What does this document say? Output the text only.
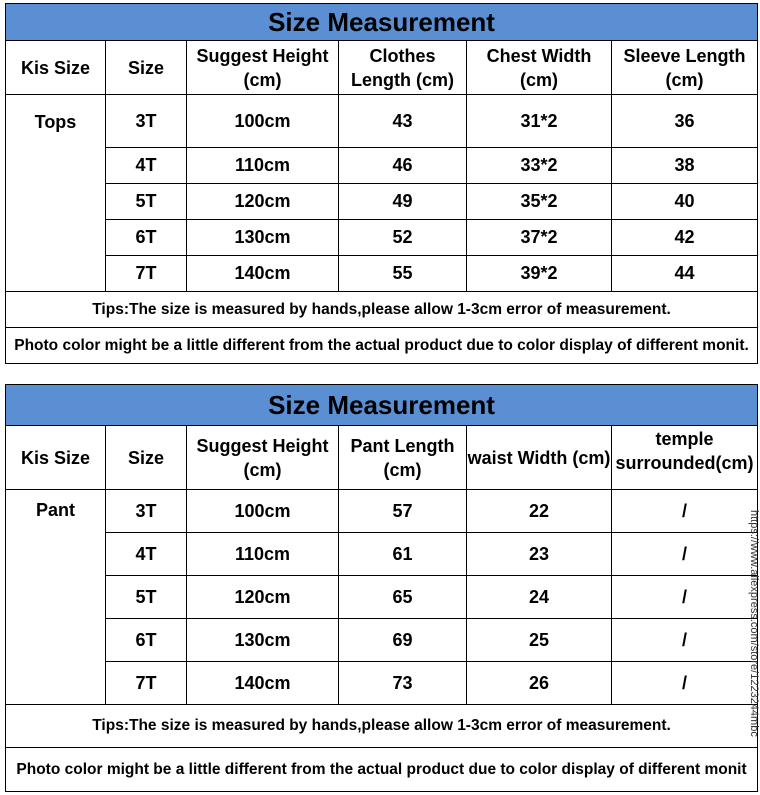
Size Measurement					
Kis Size	Size	Suggest Height (cm)	Clothes Length (cm)	Chest Width (cm)	Sleeve Length (cm)
Tops	3T	100cm	43	31*2	36
	4T	110cm	46	33*2	38
	5T	120cm	49	35*2	40
	6T	130cm	52	37*2	42
	7T	140cm	55	39*2	44
Tips:The size is measured by hands,please allow 1-3cm error of measurement.					
Photo color might be a little different from the actual product due to color display of different monit.					
Size Measurement					
Kis Size	Size	Suggest Height (cm)	Pant Length (cm)	waist Width (cm)	temple surrounded(cm)

Pant	3T	100cm	57	22	/
	4T	110cm	61	23	/
	5T	120cm	65	24	/
	6T	130cm	69	25	/
	7T	140cm	73	26	/
Tips:The size is measured by hands,please allow 1-3cm error of measurement.					
Photo color might be a little different from the actual product due to color display of different monit					
https://www.aliexpress.com/store/1223244mbc
